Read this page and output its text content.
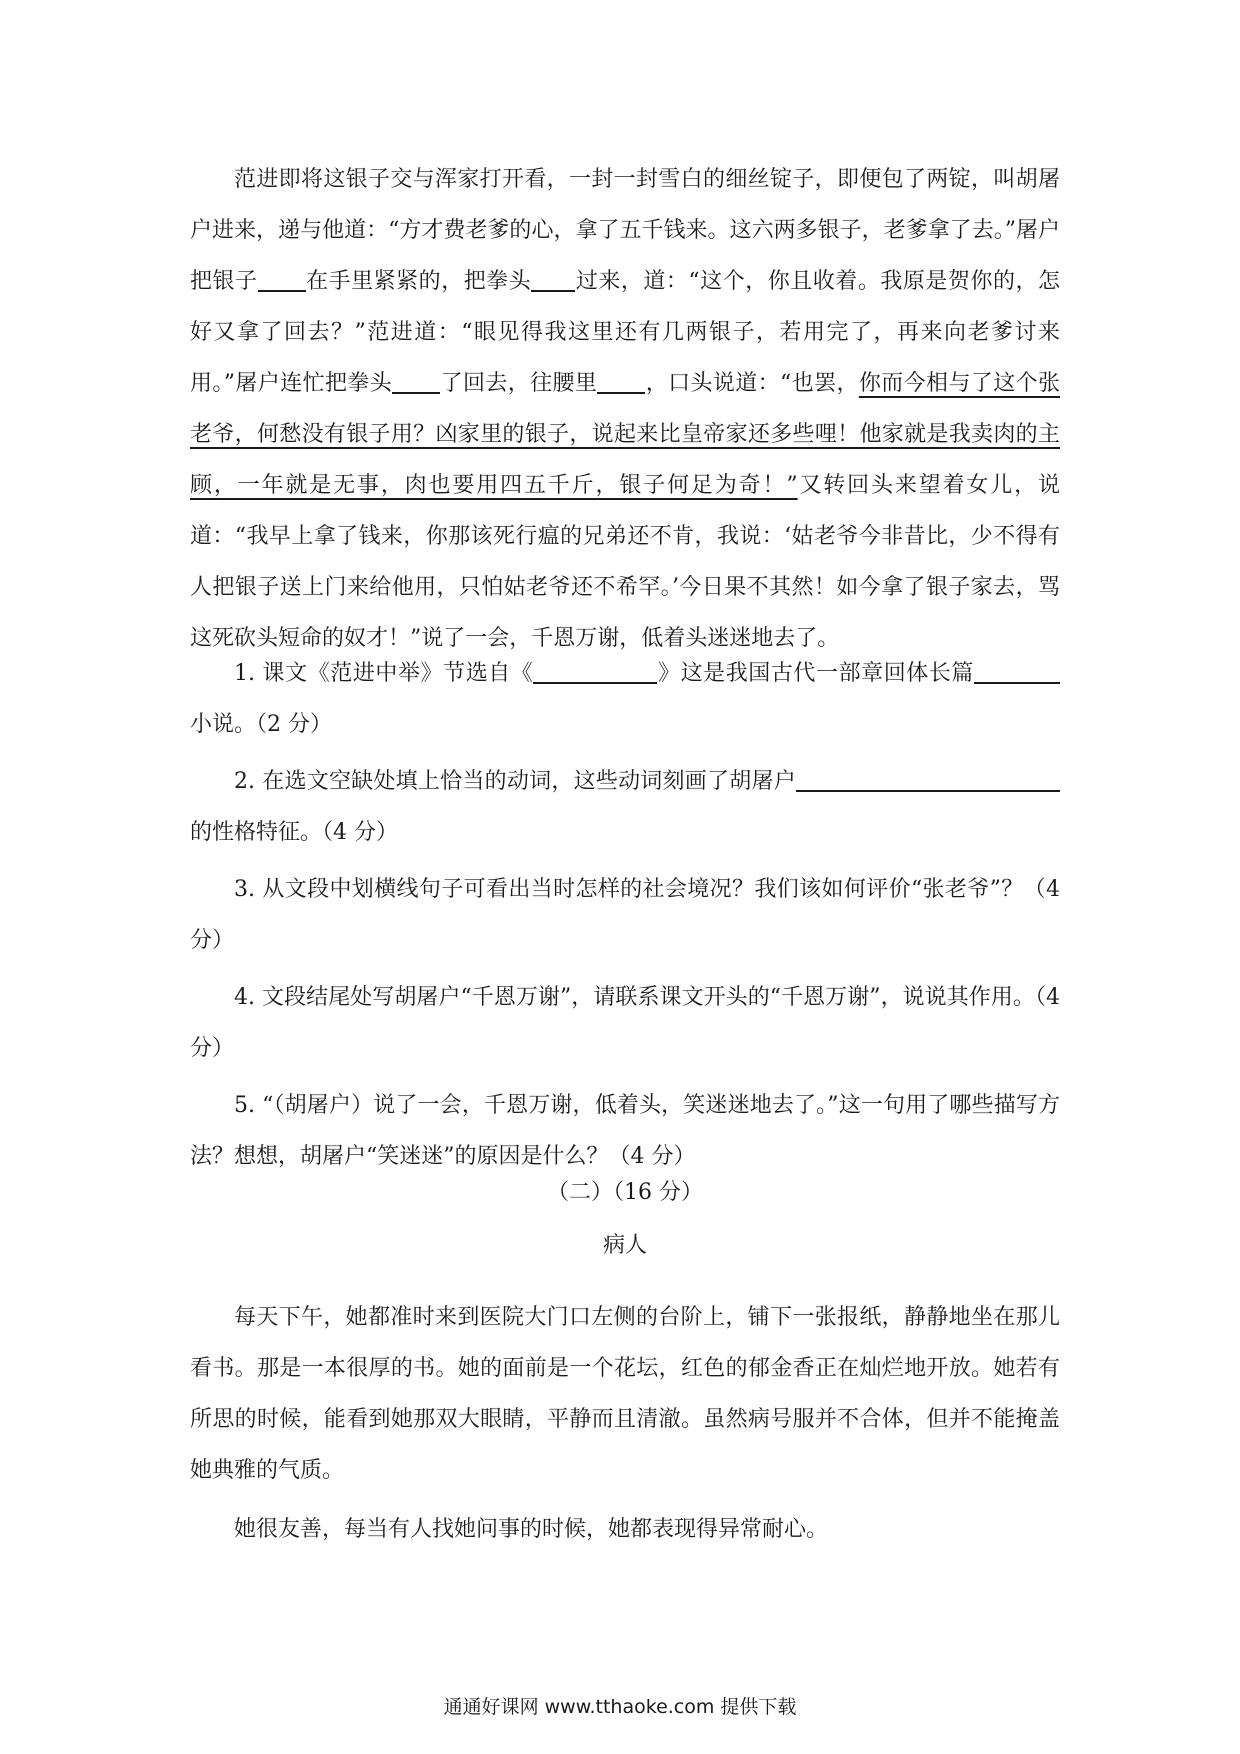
范进即将这银子交与浑家打开看，一封一封雪白的细丝锭子，即便包了两锭，叫胡屠户进来，递与他道：“方才费老爹的心，拿了五千钱来。这六两多银子，老爹拿了去。”屠户把银子 在手里紧紧的，把拳头 过来，道：“这个，你且收着。我原是贺你的，怎好又拿了回去？”范进道：“眼见得我这里还有几两银子，若用完了，再来向老爹讨来用。”屠户连忙把拳头 了回去，往腰里 ，口头说道：“也罢，你而今相与了这个张老爷，何愁没有银子用？凶家里的银子，说起来比皇帝家还多些哩！他家就是我卖肉的主顾，一年就是无事，肉也要用四五千斤，银子何足为奇！”又转回头来望着女儿，说道：“我早上拿了钱来，你那该死行瘟的兄弟还不肯，我说：‘姑老爷今非昔比，少不得有人把银子送上门来给他用，只怕姑老爷还不希罕。’今日果不其然！如今拿了银子家去，骂这死砍头短命的奴才！”说了一会，千恩万谢，低着头迷迷地去了。

1. 课文《范进中举》节选自《	》这是我国古代一部章回体长篇小说。（2 分）

2. 在选文空缺处填上恰当的动词，这些动词刻画了胡屠户的性格特征。（4 分）

3. 从文段中划横线句子可看出当时怎样的社会境况？我们该如何评价“张老爷”？（4 分）

4. 文段结尾处写胡屠户“千恩万谢”，请联系课文开头的“千恩万谢”，说说其作用。（4 分）

5. “（胡屠户）说了一会，千恩万谢，低着头，笑迷迷地去了。”这一句用了哪些描写方法？想想，胡屠户“笑迷迷”的原因是什么？（4 分）

（二）（16 分）
病人

每天下午，她都准时来到医院大门口左侧的台阶上，铺下一张报纸，静静地坐在那儿看书。那是一本很厚的书。她的面前是一个花坛，红色的郁金香正在灿烂地开放。她若有所思的时候，能看到她那双大眼睛，平静而且清澈。虽然病号服并不合体，但并不能掩盖她典雅的气质。

她很友善，每当有人找她问事的时候，她都表现得异常耐心。

通通好课网 www.tthaoke.com 提供下载
